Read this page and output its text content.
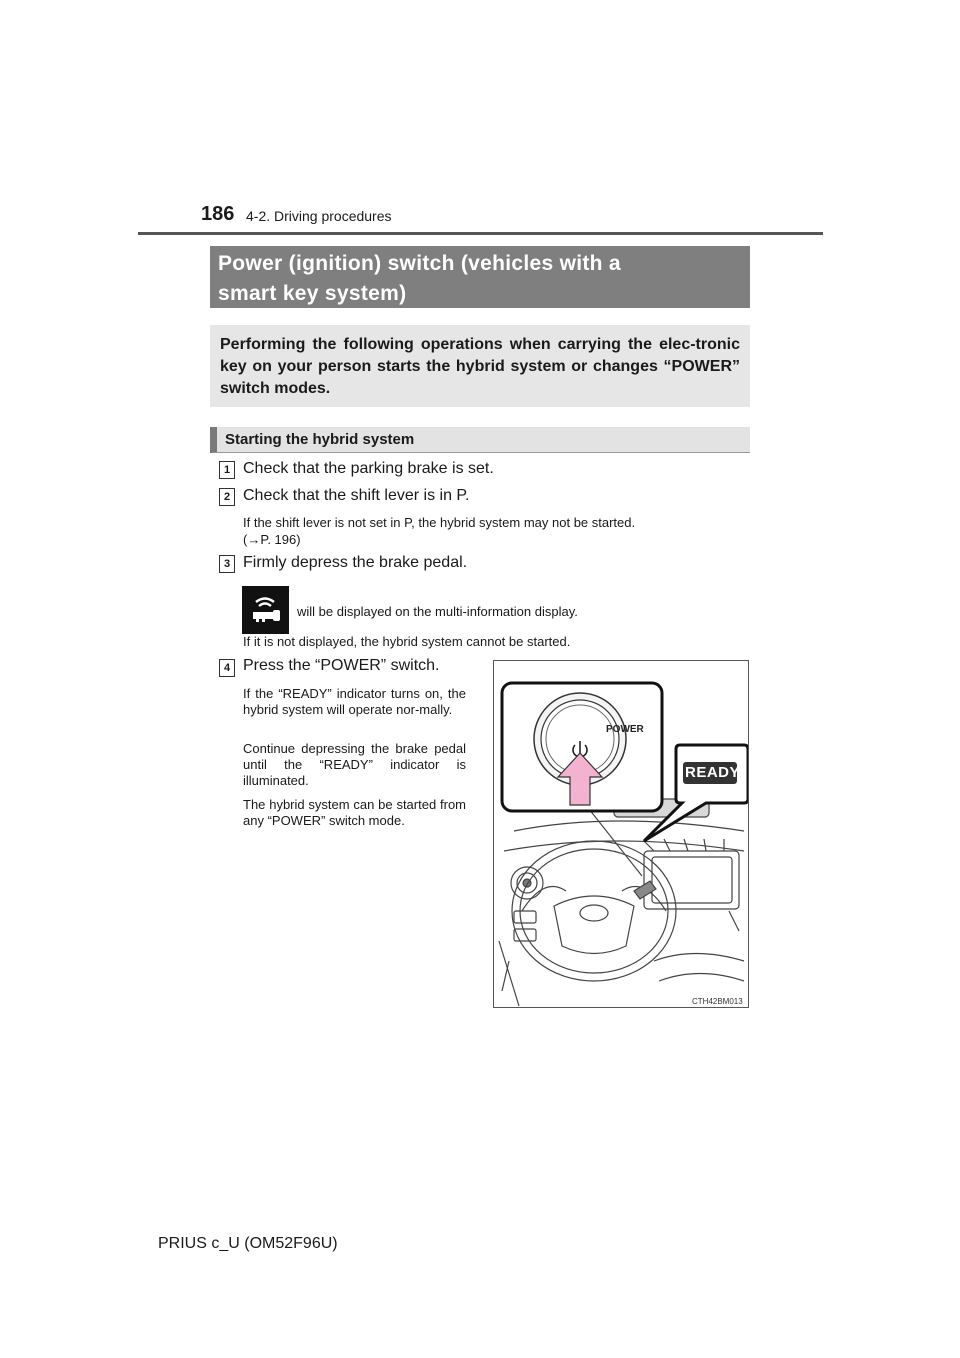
186 4-2. Driving procedures
Power (ignition) switch (vehicles with a
smart key system)
Performing the following operations when carrying the elec-tronic key on your person starts the hybrid system or changes “POWER” switch modes.
Starting the hybrid system
1 Check that the parking brake is set.
2 Check that the shift lever is in P.
If the shift lever is not set in P, the hybrid system may not be started.
(→P. 196)
3 Firmly depress the brake pedal.
will be displayed on the multi-information display.
If it is not displayed, the hybrid system cannot be started.
4 Press the “POWER” switch.
If the “READY” indicator turns on, the hybrid system will operate nor-mally.
Continue depressing the brake pedal until the “READY” indicator is illuminated.
The hybrid system can be started from any “POWER” switch mode.
POWER
READY
CTH42BM013
PRIUS c_U (OM52F96U)
